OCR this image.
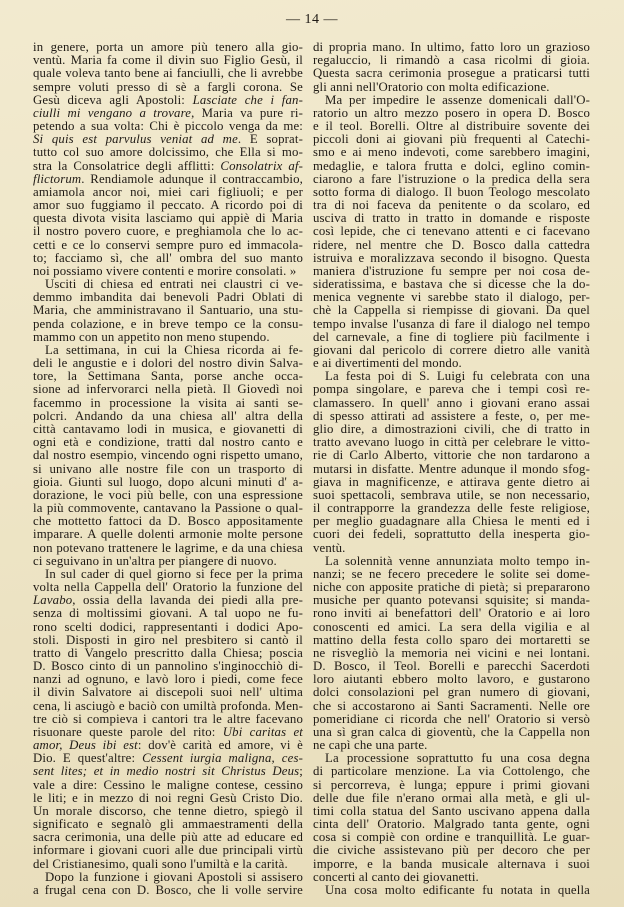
— 14 —
in genere, porta un amore più tenero alla gio-
ventù. Maria fa come il divin suo Figlio Gesù, il
quale voleva tanto bene ai fanciulli, che li avrebbe
sempre voluti presso di sè a fargli corona. Se
Gesù diceva agli Apostoli: Lasciate che i fan-
ciulli mi vengano a trovare, Maria va pure ri-
petendo a sua volta: Chi è piccolo venga da me:
Si quis est parvulus veniat ad me. E soprat-
tutto col suo amore dolcissimo, che Ella si mo-
stra la Consolatrice degli afflitti: Consolatrix af-
flictorum. Rendiamole adunque il contraccambio,
amiamola ancor noi, miei cari figliuoli; e per
amor suo fuggiamo il peccato. A ricordo poi di
questa divota visita lasciamo qui appiè di Maria
il nostro povero cuore, e preghiamola che lo ac-
cetti e ce lo conservi sempre puro ed immacola-
to; facciamo sì, che all' ombra del suo manto
noi possiamo vivere contenti e morire consolati. »
Usciti di chiesa ed entrati nei claustri ci ve-
demmo imbandita dai benevoli Padri Oblati di
Maria, che amministravano il Santuario, una stu-
penda colazione, e in breve tempo ce la consu-
mammo con un appetito non meno stupendo.
La settimana, in cui la Chiesa ricorda ai fe-
deli le angustie e i dolori del nostro divin Salva-
tore, la Settimana Santa, porse anche occa-
sione ad infervorarci nella pietà. Il Giovedì noi
facemmo in processione la visita ai santi se-
polcri. Andando da una chiesa all' altra della
città cantavamo lodi in musica, e giovanetti di
ogni età e condizione, tratti dal nostro canto e
dal nostro esempio, vincendo ogni rispetto umano,
si univano alle nostre file con un trasporto di
gioia. Giunti sul luogo, dopo alcuni minuti d' a-
dorazione, le voci più belle, con una espressione
la più commovente, cantavano la Passione o qual-
che mottetto fattoci da D. Bosco appositamente
imparare. A quelle dolenti armonie molte persone
non potevano trattenere le lagrime, e da una chiesa
ci seguivano in un'altra per piangere di nuovo.
In sul cader di quel giorno si fece per la prima
volta nella Cappella dell' Oratorio la funzione del
Lavabo, ossia della lavanda dei piedi alla pre-
senza di moltissimi giovani. A tal uopo ne fu-
rono scelti dodici, rappresentanti i dodici Apo-
stoli. Disposti in giro nel presbitero si cantò il
tratto di Vangelo prescritto dalla Chiesa; poscia
D. Bosco cinto di un pannolino s'inginocchiò di-
nanzi ad ognuno, e lavò loro i piedi, come fece
il divin Salvatore ai discepoli suoi nell' ultima
cena, li asciugò e baciò con umiltà profonda. Men-
tre ciò si compieva i cantori tra le altre facevano
risuonare queste parole del rito: Ubi caritas et
amor, Deus ibi est: dov'è carità ed amore, vi è
Dio. E quest'altre: Cessent iurgia maligna, ces-
sent lites; et in medio nostri sit Christus Deus;
vale a dire: Cessino le maligne contese, cessino
le liti; e in mezzo di noi regni Gesù Cristo Dio.
Un morale discorso, che tenne dietro, spiegò il
significato e segnalò gli ammaestramenti della
sacra cerimonia, una delle più atte ad educare ed
informare i giovani cuori alle due principali virtù
del Cristianesimo, quali sono l'umiltà e la carità.
Dopo la funzione i giovani Apostoli si assisero
a frugal cena con D. Bosco, che li volle servire
di propria mano. In ultimo, fatto loro un grazioso
regaluccio, li rimandò a casa ricolmi di gioia.
Questa sacra cerimonia prosegue a praticarsi tutti
gli anni nell'Oratorio con molta edificazione.
Ma per impedire le assenze domenicali dall'O-
ratorio un altro mezzo posero in opera D. Bosco
e il teol. Borelli. Oltre al distribuire sovente dei
piccoli doni ai giovani più frequenti al Catechi-
smo e ai meno indevoti, come sarebbero imagini,
medaglie, e talora frutta e dolci, eglino comin-
ciarono a fare l'istruzione o la predica della sera
sotto forma di dialogo. Il buon Teologo mescolato
tra di noi faceva da penitente o da scolaro, ed
usciva di tratto in tratto in domande e risposte
così lepide, che ci tenevano attenti e ci facevano
ridere, nel mentre che D. Bosco dalla cattedra
istruiva e moralizzava secondo il bisogno. Questa
maniera d'istruzione fu sempre per noi cosa de-
sideratissima, e bastava che si dicesse che la do-
menica vegnente vi sarebbe stato il dialogo, per-
chè la Cappella si riempisse di giovani. Da quel
tempo invalse l'usanza di fare il dialogo nel tempo
del carnevale, a fine di togliere più facilmente i
giovani dal pericolo di correre dietro alle vanità
e ai divertimenti del mondo.
La festa poi di S. Luigi fu celebrata con una
pompa singolare, e pareva che i tempi così re-
clamassero. In quell' anno i giovani erano assai
di spesso attirati ad assistere a feste, o, per me-
glio dire, a dimostrazioni civili, che di tratto in
tratto avevano luogo in città per celebrare le vitto-
rie di Carlo Alberto, vittorie che non tardarono a
mutarsi in disfatte. Mentre adunque il mondo sfog-
giava in magnificenze, e attirava gente dietro ai
suoi spettacoli, sembrava utile, se non necessario,
il contrapporre la grandezza delle feste religiose,
per meglio guadagnare alla Chiesa le menti ed i
cuori dei fedeli, soprattutto della inesperta gio-
ventù.
La solennità venne annunziata molto tempo in-
nanzi; se ne fecero precedere le solite sei dome-
niche con apposite pratiche di pietà; si prepararono
musiche per quanto potevansi squisite; si manda-
rono inviti ai benefattori dell' Oratorio e ai loro
conoscenti ed amici. La sera della vigilia e al
mattino della festa collo sparo dei mortaretti se
ne risvegliò la memoria nei vicini e nei lontani.
D. Bosco, il Teol. Borelli e parecchi Sacerdoti
loro aiutanti ebbero molto lavoro, e gustarono
dolci consolazioni pel gran numero di giovani,
che si accostarono ai Santi Sacramenti. Nelle ore
pomeridiane ci ricorda che nell' Oratorio si versò
una sì gran calca di gioventù, che la Cappella non
ne capì che una parte.
La processione soprattutto fu una cosa degna
di particolare menzione. La via Cottolengo, che
si percorreva, è lunga; eppure i primi giovani
delle due file n'erano ormai alla metà, e gli ul-
timi colla statua del Santo uscivano appena dalla
cinta dell' Oratorio. Malgrado tanta gente, ogni
cosa si compiè con ordine e tranquillità. Le guar-
die civiche assistevano più per decoro che per
imporre, e la banda musicale alternava i suoi
concerti al canto dei giovanetti.
Una cosa molto edificante fu notata in quella
